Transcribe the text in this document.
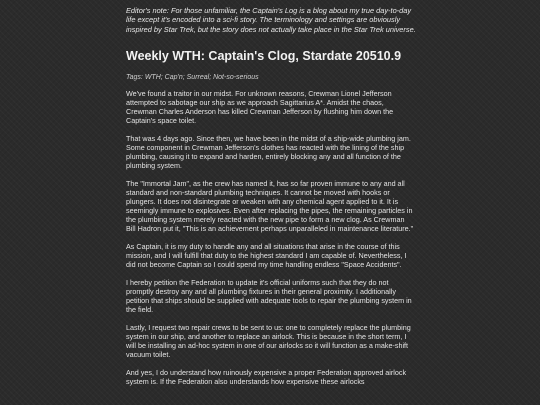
Editor's note: For those unfamiliar, the Captain's Log is a blog about my true day-to-day life except it's encoded into a sci-fi story. The terminology and settings are obviously inspired by Star Trek, but the story does not actually take place in the Star Trek universe.

Weekly WTH: Captain's Clog, Stardate 20510.9
Tags: WTH; Cap'n; Surreal; Not-so-serious

We've found a traitor in our midst. For unknown reasons, Crewman Lionel Jefferson attempted to sabotage our ship as we approach Sagittarius A*. Amidst the chaos, Crewman Charles Anderson has killed Crewman Jefferson by flushing him down the Captain's space toilet.

That was 4 days ago. Since then, we have been in the midst of a ship-wide plumbing jam. Some component in Crewman Jefferson's clothes has reacted with the lining of the ship plumbing, causing it to expand and harden, entirely blocking any and all function of the plumbing system.

The "Immortal Jam", as the crew has named it, has so far proven immune to any and all standard and non-standard plumbing techniques. It cannot be moved with hooks or plungers. It does not disintegrate or weaken with any chemical agent applied to it. It is seemingly immune to explosives. Even after replacing the pipes, the remaining particles in the plumbing system merely reacted with the new pipe to form a new clog. As Crewman Bill Hadron put it, "This is an achievement perhaps unparalleled in maintenance literature."

As Captain, it is my duty to handle any and all situations that arise in the course of this mission, and I will fulfill that duty to the highest standard I am capable of. Nevertheless, I did not become Captain so I could spend my time handling endless "Space Accidents".

I hereby petition the Federation to update it's official uniforms such that they do not promptly destroy any and all plumbing fixtures in their general proximity. I additionally petition that ships should be supplied with adequate tools to repair the plumbing system in the field.

Lastly, I request two repair crews to be sent to us: one to completely replace the plumbing system in our ship, and another to replace an airlock. This is because in the short term, I will be installing an ad-hoc system in one of our airlocks so it will function as a make-shift vacuum toilet.

And yes, I do understand how ruinously expensive a proper Federation approved airlock system is. If the Federation also understands how expensive these airlocks
